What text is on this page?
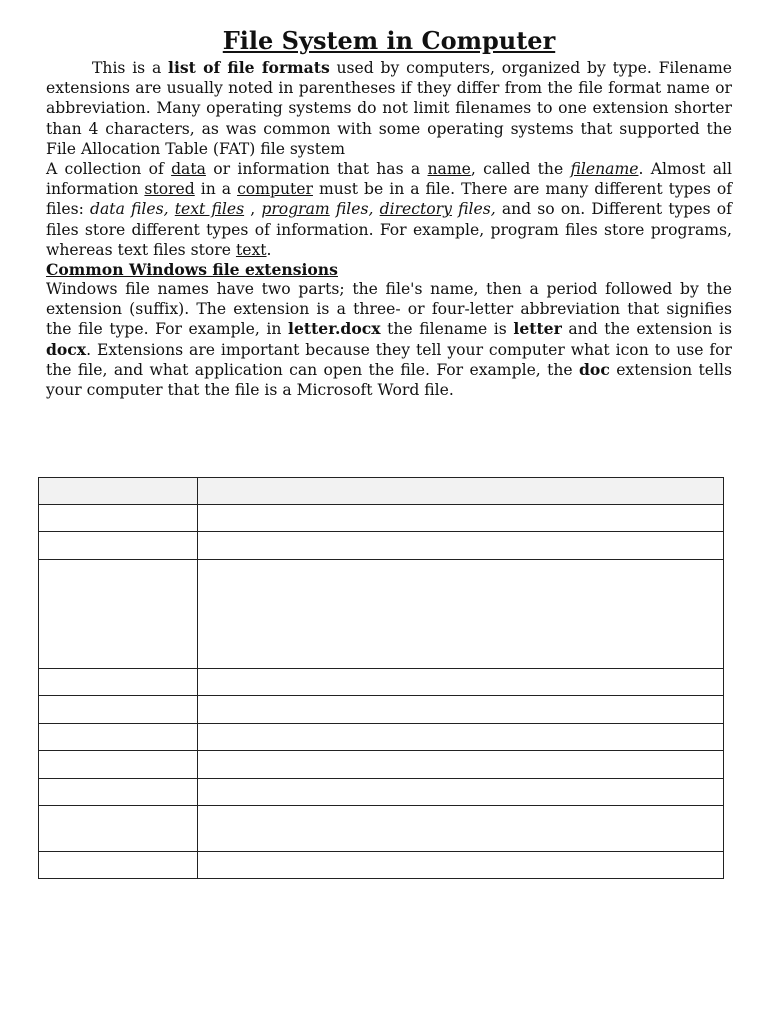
File System in Computer

This is a list of file formats used by computers, organized by type. Filename extensions are usually noted in parentheses if they differ from the file format name or abbreviation. Many operating systems do not limit filenames to one extension shorter than 4 characters, as was common with some operating systems that supported the File Allocation Table (FAT) file system

A collection of data or information that has a name, called the filename. Almost all information stored in a computer must be in a file. There are many different types of files: data files, text files , program files, directory files, and so on. Different types of files store different types of information. For example, program files store programs, whereas text files store text.

Common Windows file extensions

Windows file names have two parts; the file's name, then a period followed by the extension (suffix). The extension is a three- or four-letter abbreviation that signifies the file type. For example, in letter.docx the filename is letter and the extension is docx. Extensions are important because they tell your computer what icon to use for the file, and what application can open the file. For example, the doc extension tells your computer that the file is a Microsoft Word file.
